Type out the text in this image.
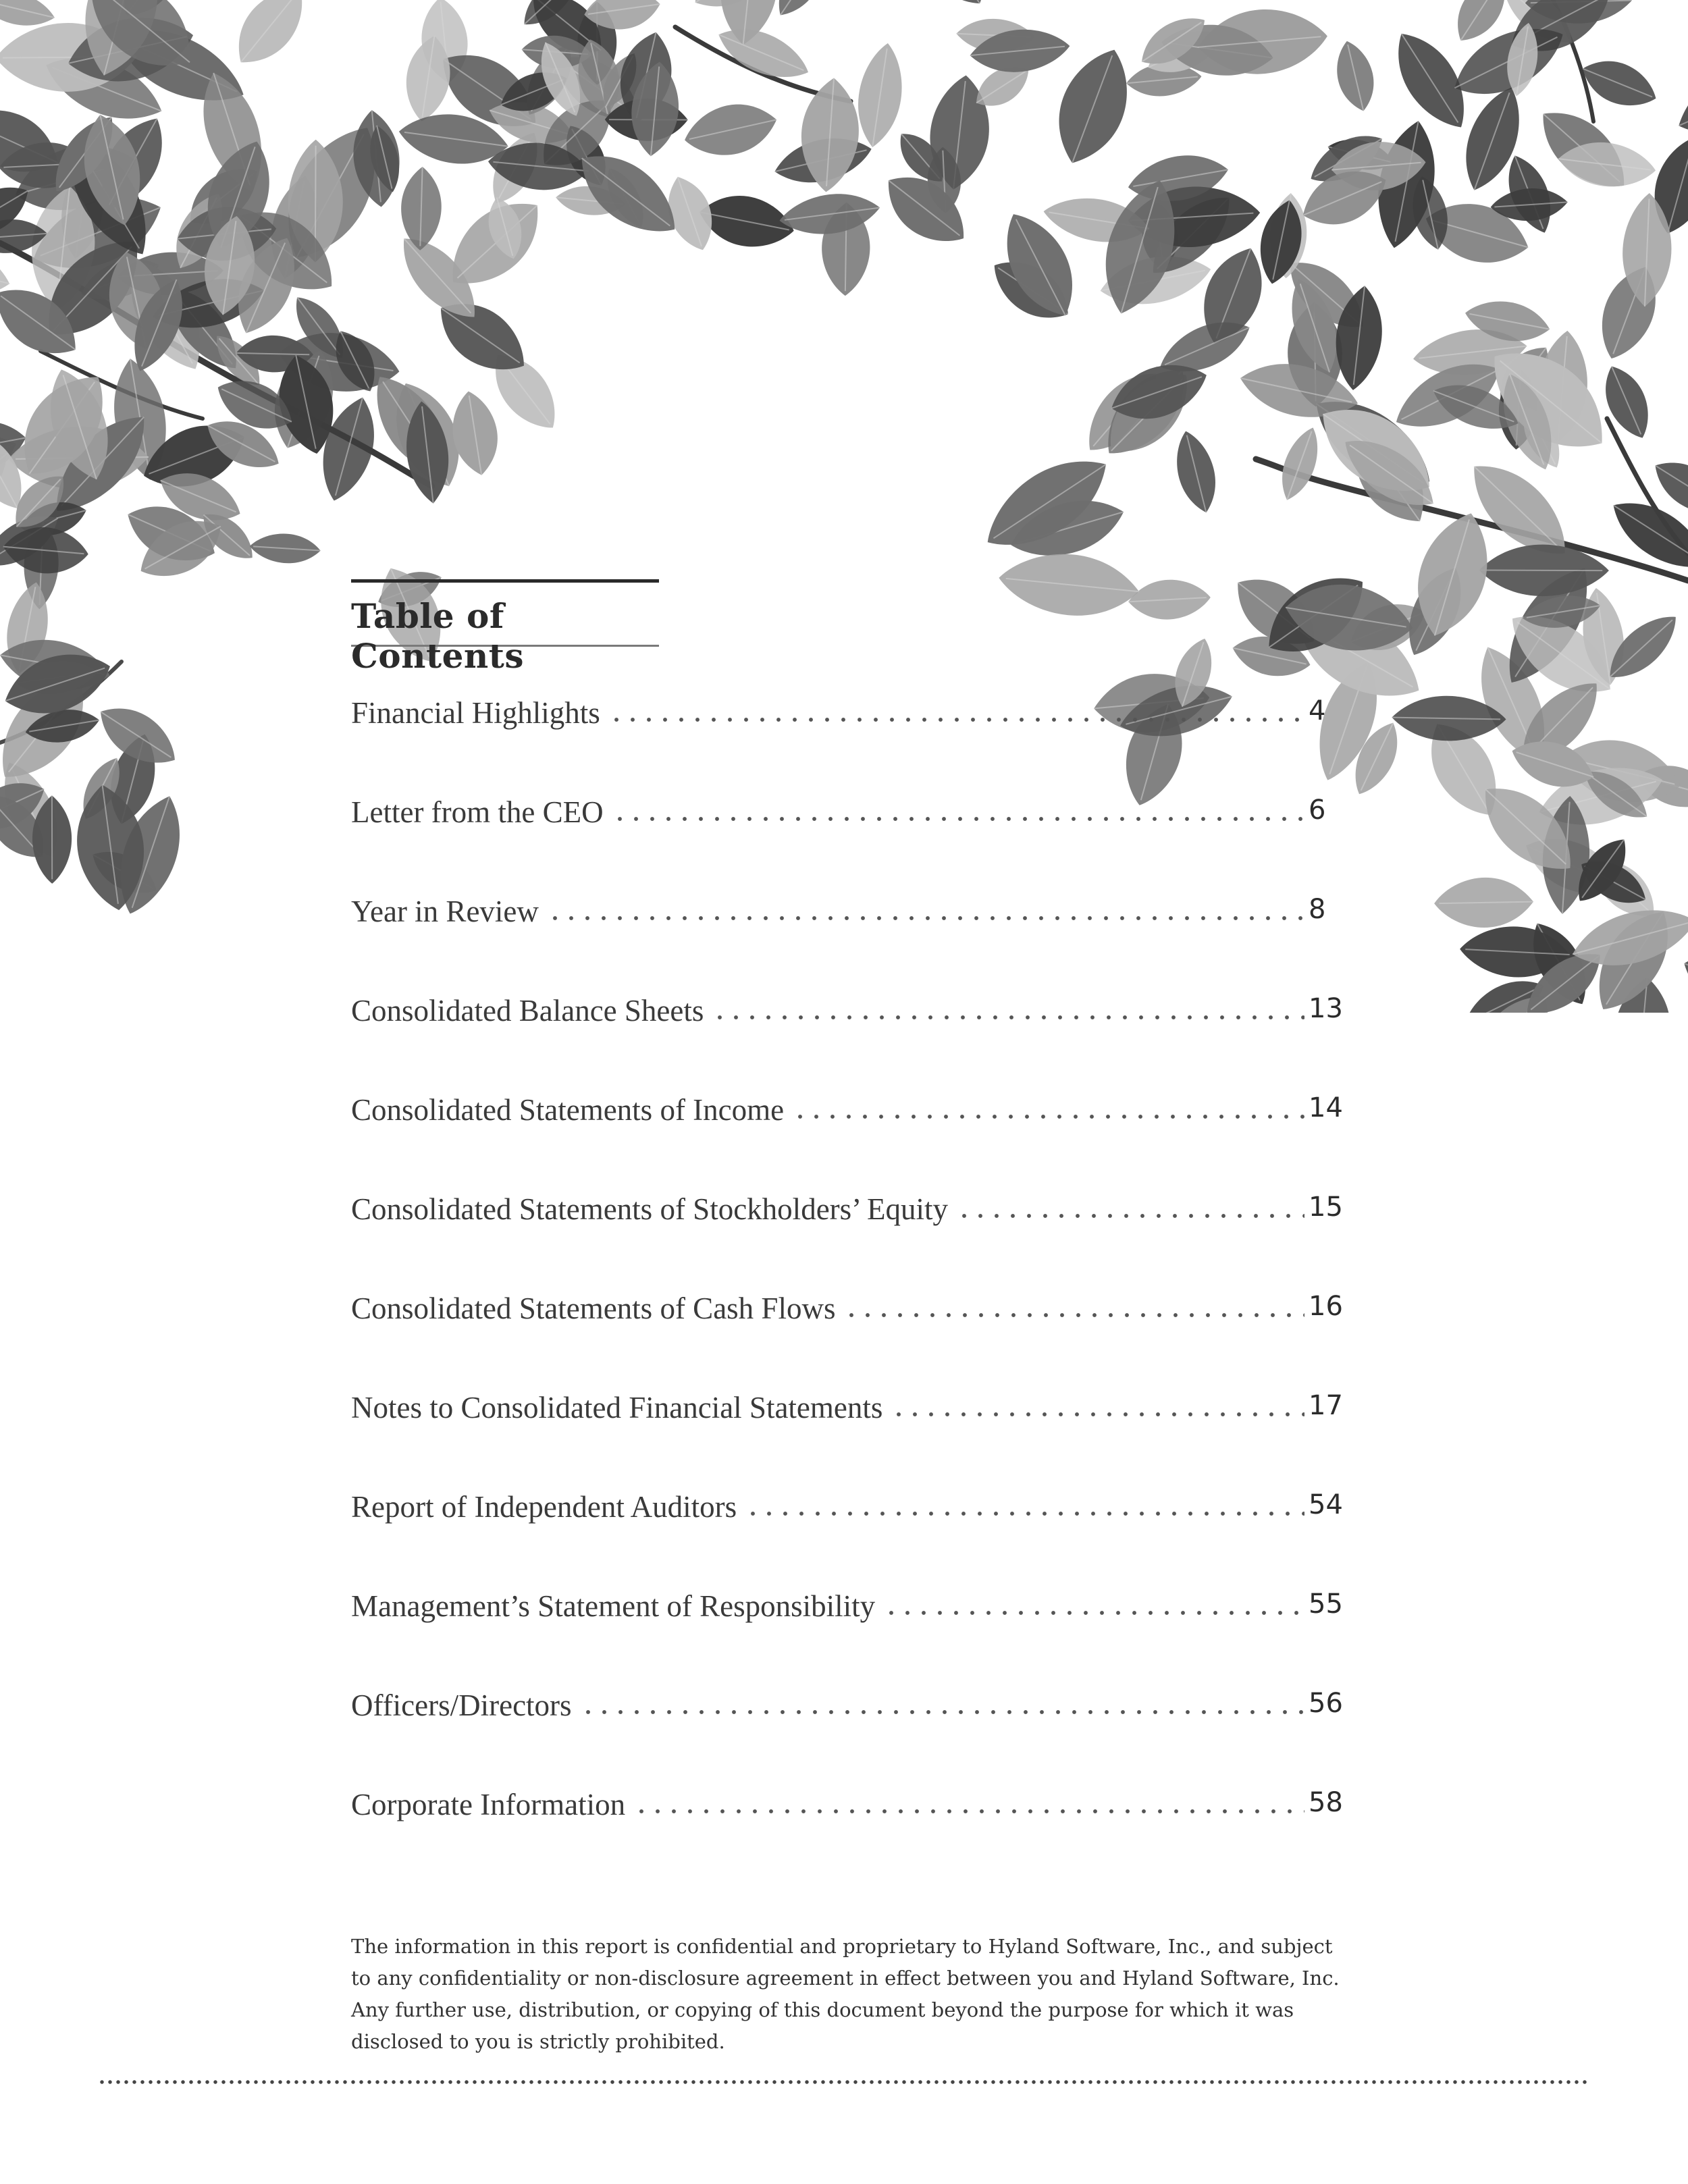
Table of Contents
Financial Highlights	4
Letter from the CEO	6
Year in Review	8
Consolidated Balance Sheets	13
Consolidated Statements of Income	14
Consolidated Statements of Stockholders’ Equity	15
Consolidated Statements of Cash Flows	16
Notes to Consolidated Financial Statements	17
Report of Independent Auditors	54
Management’s Statement of Responsibility	55
Officers/Directors	56
Corporate Information	58

The information in this report is confidential and proprietary to Hyland Software, Inc., and subject to any confidentiality or non-disclosure agreement in effect between you and Hyland Software, Inc. Any further use, distribution, or copying of this document beyond the purpose for which it was disclosed to you is strictly prohibited.
